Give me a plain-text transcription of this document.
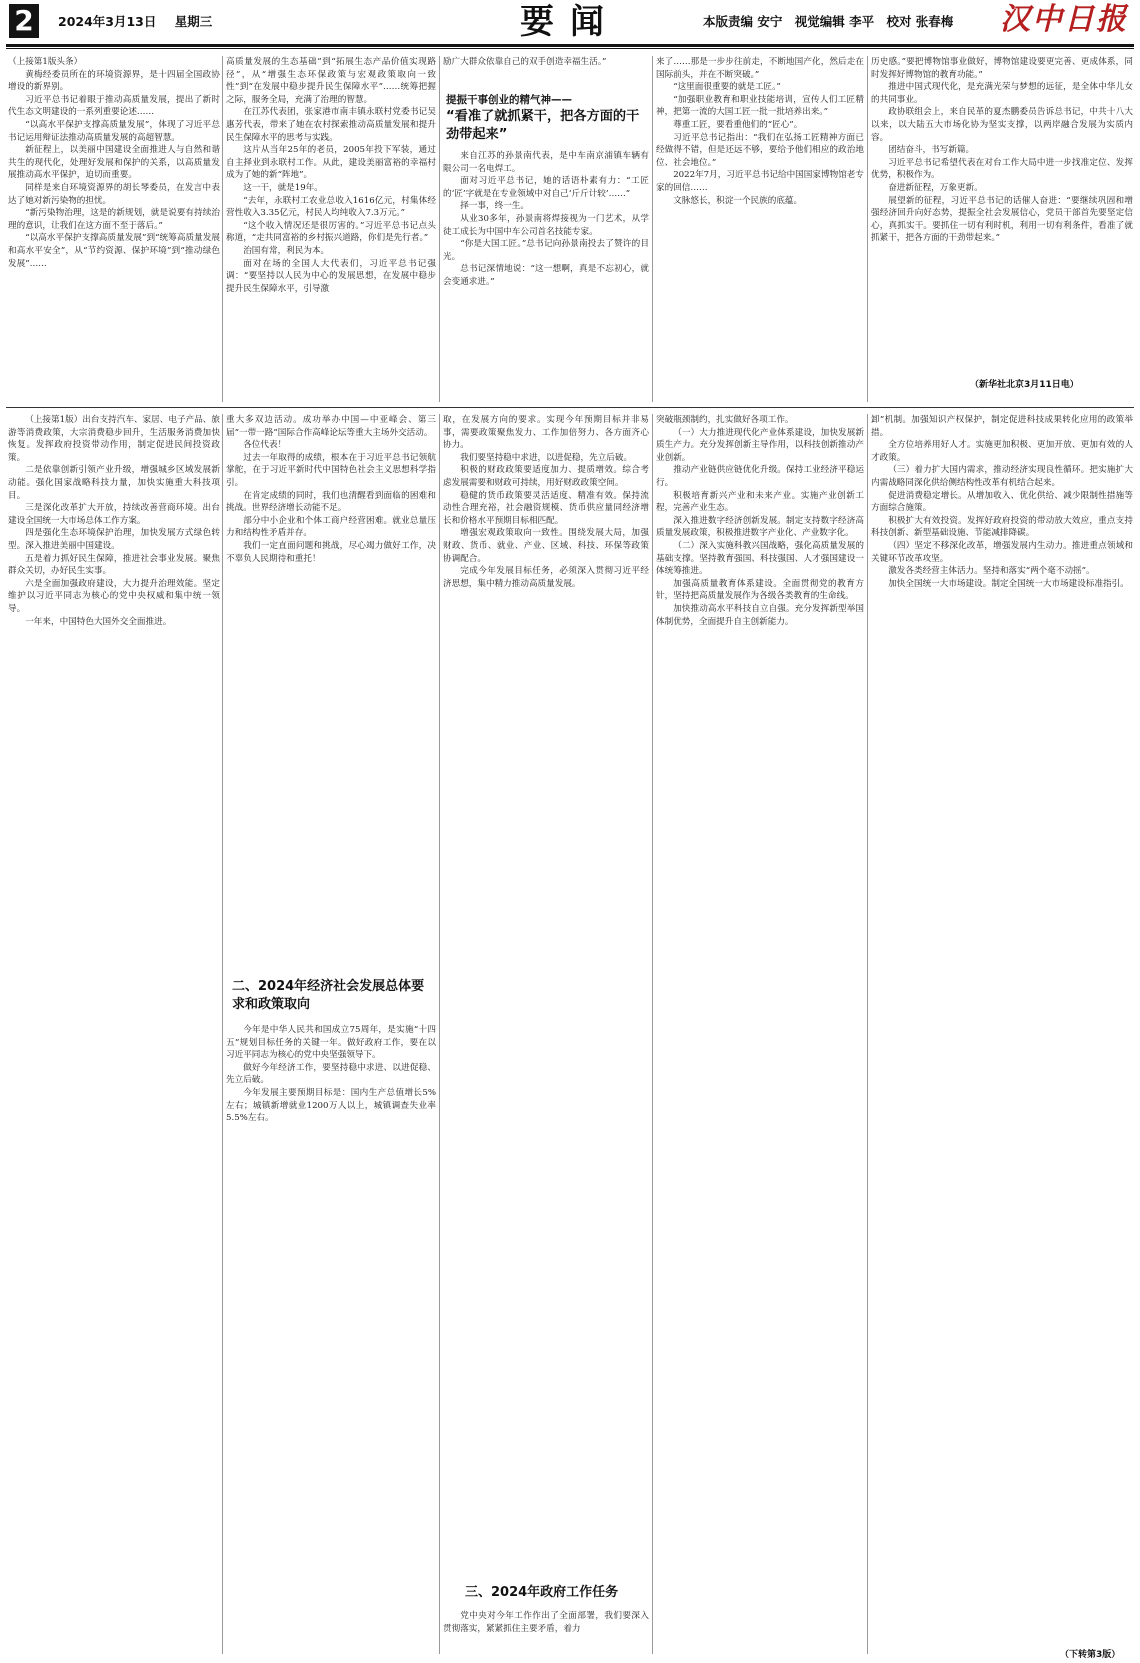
2	2024年3月13日 星期三	要闻	本版责编 安宁 视觉编辑 李平 校对 张春梅 汉中日报

（上接第1版头条）

黄梅经委员所在的环境资源界，是十四届全国政协增设的新界别。

习近平总书记着眼于推动高质量发展，提出了新时代生态文明建设的一系列重要论述……

“以高水平保护支撑高质量发展”，体现了习近平总书记运用辩证法推动高质量发展的高超智慧。

新征程上，以美丽中国建设全面推进人与自然和谐共生的现代化，处理好发展和保护的关系，以高质量发展推动高水平保护，迫切而重要。

同样是来自环境资源界的胡长琴委员，在发言中表达了她对新污染物的担忧。

“新污染物治理，这是的新规划，就是说要有持续治理的意识，让我们在这方面不至于落后。”

“以高水平保护支撑高质量发展”到“统筹高质量发展和高水平安全”，从“节约资源、保护环境”到“推动绿色发展”……

高质量发展的生态基础”到“拓展生态产品价值实现路径”，从“增强生态环保政策与宏观政策取向一致性”到“在发展中稳步提升民生保障水平”……统筹把握之际，服务全局，充满了治理的智慧。

在江苏代表团，张家港市南丰镇永联村党委书记吴惠芳代表，带来了她在农村探索推动高质量发展和提升民生保障水平的思考与实践。

这片从当年25年的老员，2005年投下军装，通过自主择业到永联村工作。从此，建设美丽富裕的幸福村成为了她的新“阵地”。

这一干，就是19年。

“去年，永联村工农业总收入1616亿元，村集体经营性收入3.35亿元，村民人均纯收入7.3万元。”

“这个收入情况还是很厉害的。”习近平总书记点头称道，“走共同富裕的乡村振兴道路，你们是先行者。”

治国有常，利民为本。

面对在场的全国人大代表们，习近平总书记强调：“要坚持以人民为中心的发展思想，在发展中稳步提升民生保障水平，引导激

励广大群众依靠自己的双手创造幸福生活。”

提振干事创业的精气神——
“看准了就抓紧干，把各方面的干劲带起来”

来自江苏的孙景南代表，是中车南京浦镇车辆有限公司一名电焊工。

面对习近平总书记，她的话语朴素有力：“工匠的‘匠’字就是在专业领域中对自己‘斤斤计较’……”

择一事，终一生。

从业30多年，孙景南将焊接视为一门艺术，从学徒工成长为中国中车公司首名技能专家。

“你是大国工匠。”总书记向孙景南投去了赞许的目光。

总书记深情地说：“这一想啊，真是不忘初心，就会变通求进。”

来了……那是一步步往前走，不断地国产化，然后走在国际前头，并在不断突破。”

“这里面很重要的就是工匠。”

“加强职业教育和职业技能培训，宣传人们工匠精神，把第一流的大国工匠一批一批培养出来。”

尊重工匠，要看重他们的“匠心”。

习近平总书记指出：“我们在弘扬工匠精神方面已经做得不错，但是还远不够，要给予他们相应的政治地位、社会地位。”

2022年7月，习近平总书记给中国国家博物馆老专家的回信……

文脉悠长，积淀一个民族的底蕴。

历史感。”要把博物馆事业做好，博物馆建设要更完善、更成体系，同时发挥好博物馆的教育功能。”

推进中国式现代化，是充满光荣与梦想的远征，是全体中华儿女的共同事业。

政协联组会上，来自民革的夏杰鹏委员告诉总书记，中共十八大以来，以大陆五大市场化协为坚实支撑，以两岸融合发展为实质内容。

团结奋斗，书写新篇。

习近平总书记希望代表在对台工作大局中进一步找准定位、发挥优势，积极作为。

奋进新征程，万象更新。

展望新的征程，习近平总书记的话催人奋进：“要继续巩固和增强经济回升向好态势，提振全社会发展信心，党员干部首先要坚定信心，真抓实干。要抓住一切有利时机，利用一切有利条件，看准了就抓紧干，把各方面的干劲带起来。”

（新华社北京3月11日电）

（上接第1版）出台支持汽车、家居、电子产品、旅游等消费政策，大宗消费稳步回升，生活服务消费加快恢复。发挥政府投资带动作用，制定促进民间投资政策。

二是依靠创新引领产业升级，增强城乡区域发展新动能。强化国家战略科技力量，加快实施重大科技项目。

三是深化改革扩大开放，持续改善营商环境。出台建设全国统一大市场总体工作方案。

四是强化生态环境保护治理，加快发展方式绿色转型。深入推进美丽中国建设。

五是着力抓好民生保障，推进社会事业发展。聚焦群众关切，办好民生实事。

六是全面加强政府建设，大力提升治理效能。坚定维护以习近平同志为核心的党中央权威和集中统一领导。

一年来，中国特色大国外交全面推进。

重大多双边活动。成功举办中国—中亚峰会、第三届“一带一路”国际合作高峰论坛等重大主场外交活动。

各位代表！

过去一年取得的成绩，根本在于习近平总书记领航掌舵，在于习近平新时代中国特色社会主义思想科学指引。

在肯定成绩的同时，我们也清醒看到面临的困难和挑战。世界经济增长动能不足。

部分中小企业和个体工商户经营困难。就业总量压力和结构性矛盾并存。

我们一定直面问题和挑战，尽心竭力做好工作，决不辜负人民期待和重托！

二、2024年经济社会发展总体要求和政策取向

今年是中华人民共和国成立75周年，是实施“十四五”规划目标任务的关键一年。做好政府工作，要在以习近平同志为核心的党中央坚强领导下。

做好今年经济工作，要坚持稳中求进、以进促稳、先立后破。

今年发展主要预期目标是：国内生产总值增长5%左右；城镇新增就业1200万人以上，城镇调查失业率5.5%左右。

取，在发展方向的要求。实现今年预期目标并非易事，需要政策聚焦发力、工作加倍努力、各方面齐心协力。

我们要坚持稳中求进，以进促稳，先立后破。

积极的财政政策要适度加力、提质增效。综合考虑发展需要和财政可持续，用好财政政策空间。

稳健的货币政策要灵活适度、精准有效。保持流动性合理充裕，社会融资规模、货币供应量同经济增长和价格水平预期目标相匹配。

增强宏观政策取向一致性。围绕发展大局，加强财政、货币、就业、产业、区域、科技、环保等政策协调配合。

完成今年发展目标任务，必须深入贯彻习近平经济思想，集中精力推动高质量发展。

三、2024年政府工作任务

党中央对今年工作作出了全面部署，我们要深入贯彻落实，紧紧抓住主要矛盾，着力

突破瓶颈制约，扎实做好各项工作。

（一）大力推进现代化产业体系建设，加快发展新质生产力。充分发挥创新主导作用，以科技创新推动产业创新。

推动产业链供应链优化升级。保持工业经济平稳运行。

积极培育新兴产业和未来产业。实施产业创新工程，完善产业生态。

深入推进数字经济创新发展。制定支持数字经济高质量发展政策，积极推进数字产业化、产业数字化。

（二）深入实施科教兴国战略，强化高质量发展的基础支撑。坚持教育强国、科技强国、人才强国建设一体统筹推进。

加强高质量教育体系建设。全面贯彻党的教育方针，坚持把高质量发展作为各级各类教育的生命线。

加快推动高水平科技自立自强。充分发挥新型举国体制优势，全面提升自主创新能力。

卸”机制。加强知识产权保护，制定促进科技成果转化应用的政策举措。

全方位培养用好人才。实施更加积极、更加开放、更加有效的人才政策。

（三）着力扩大国内需求，推动经济实现良性循环。把实施扩大内需战略同深化供给侧结构性改革有机结合起来。

促进消费稳定增长。从增加收入、优化供给、减少限制性措施等方面综合施策。

积极扩大有效投资。发挥好政府投资的带动放大效应，重点支持科技创新、新型基础设施、节能减排降碳。

（四）坚定不移深化改革，增强发展内生动力。推进重点领域和关键环节改革攻坚。

激发各类经营主体活力。坚持和落实“两个毫不动摇”。

加快全国统一大市场建设。制定全国统一大市场建设标准指引。

（下转第3版）
